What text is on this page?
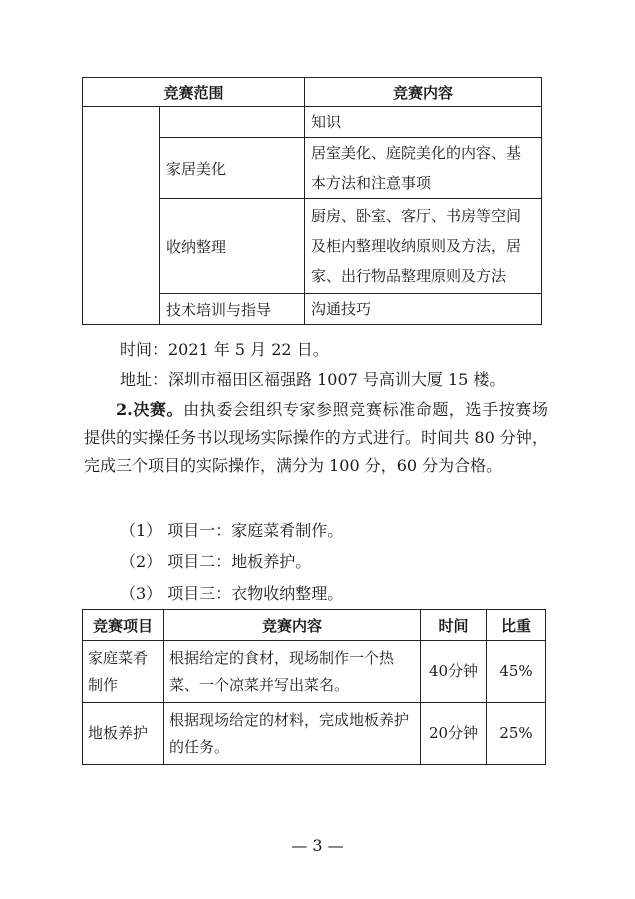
竞赛范围		竞赛内容
		知识
	家居美化	居室美化、庭院美化的内容、基本方法和注意事项
	收纳整理	厨房、卧室、客厅、书房等空间及柜内整理收纳原则及方法，居家、出行物品整理原则及方法
	技术培训与指导	沟通技巧
时间：2021 年 5 月 22 日。
地址：深圳市福田区福强路 1007 号高训大厦 15 楼。
2.决赛。由执委会组织专家参照竞赛标准命题，选手按赛场提供的实操任务书以现场实际操作的方式进行。时间共 80 分钟，完成三个项目的实际操作，满分为 100 分，60 分为合格。
（1） 项目一：家庭菜肴制作。
（2） 项目二：地板养护。
（3） 项目三：衣物收纳整理。
竞赛项目	竞赛内容	时间	比重
家庭菜肴制作	根据给定的食材，现场制作一个热菜、一个凉菜并写出菜名。	40分钟	45%
地板养护	根据现场给定的材料，完成地板养护的任务。	20分钟	25%
— 3 —
